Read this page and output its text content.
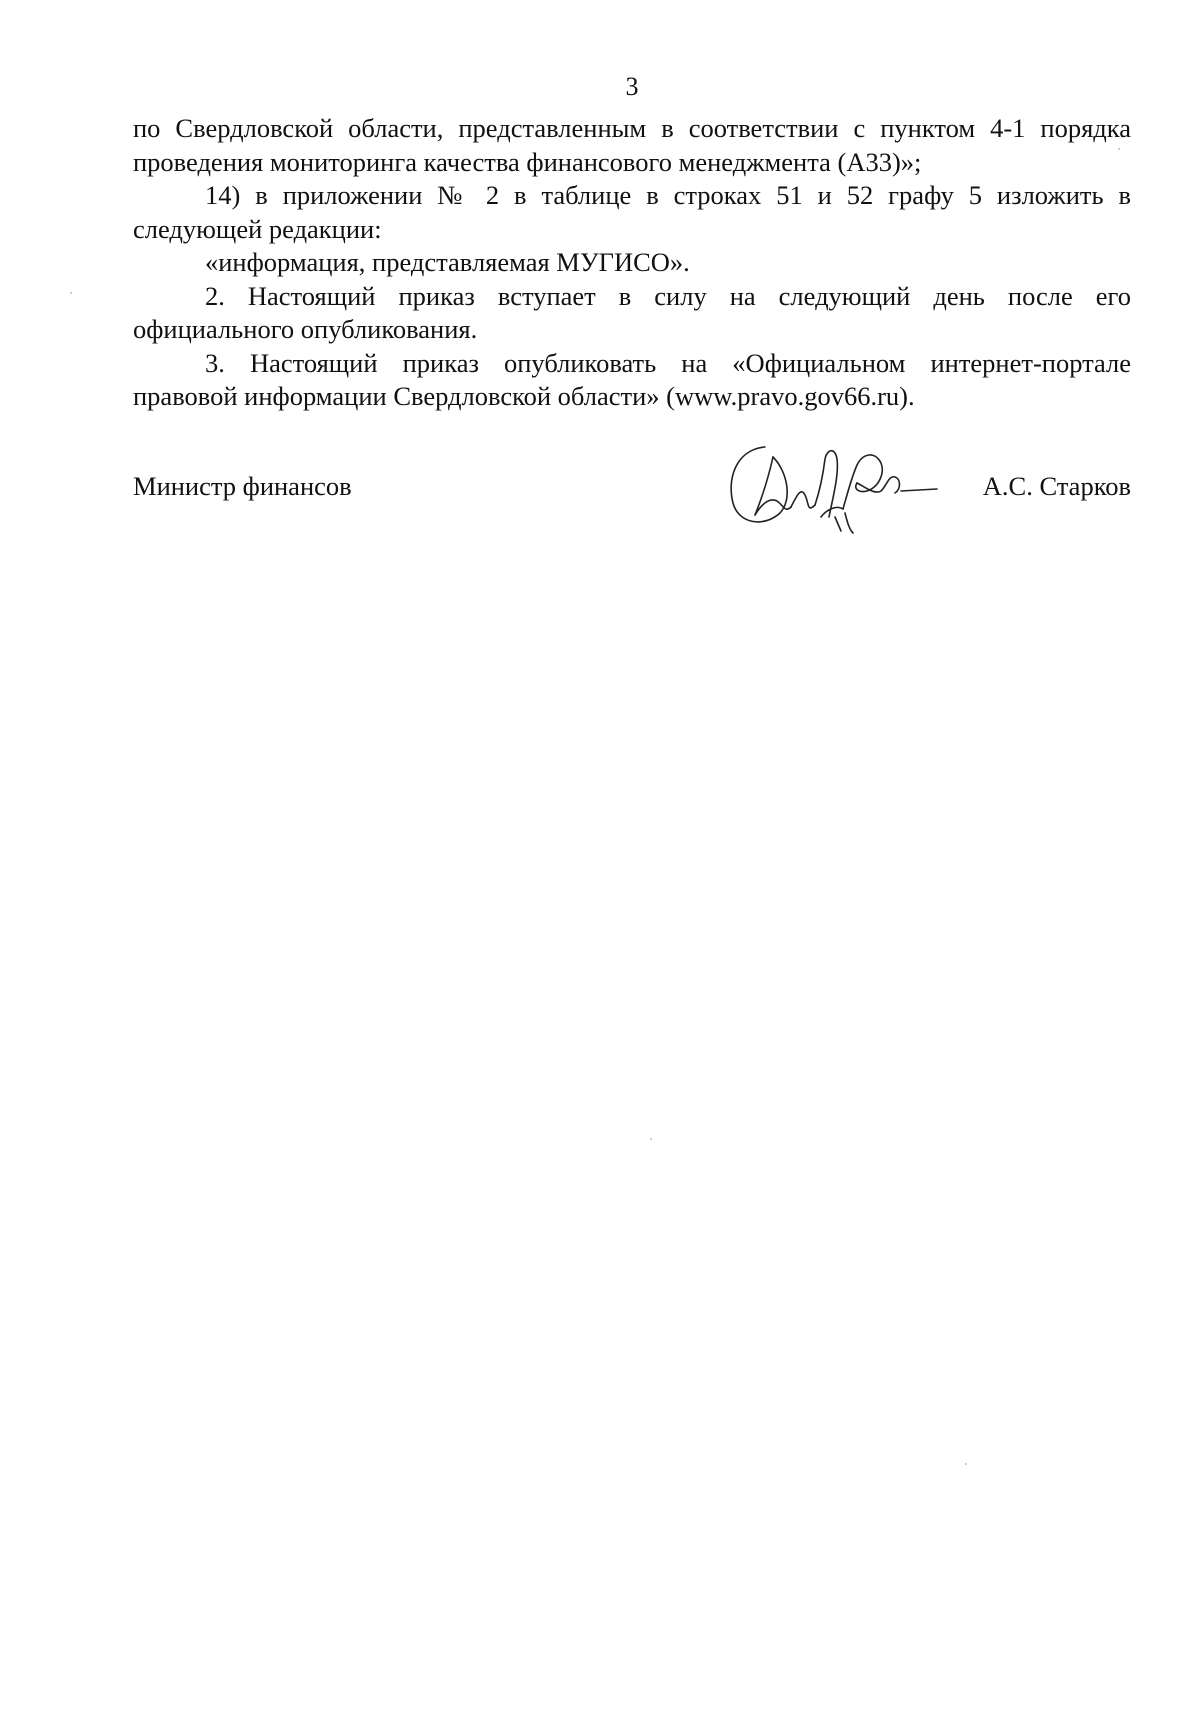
3

по Свердловской области, представленным в соответствии с пунктом 4-1 порядка проведения мониторинга качества финансового менеджмента (А33)»;

14) в приложении № 2 в таблице в строках 51 и 52 графу 5 изложить в следующей редакции:

«информация, представляемая МУГИСО».

2. Настоящий приказ вступает в силу на следующий день после его официального опубликования.

3. Настоящий приказ опубликовать на «Официальном интернет-портале правовой информации Свердловской области» (www.pravo.gov66.ru).

Министр финансов	А.С. Старков
